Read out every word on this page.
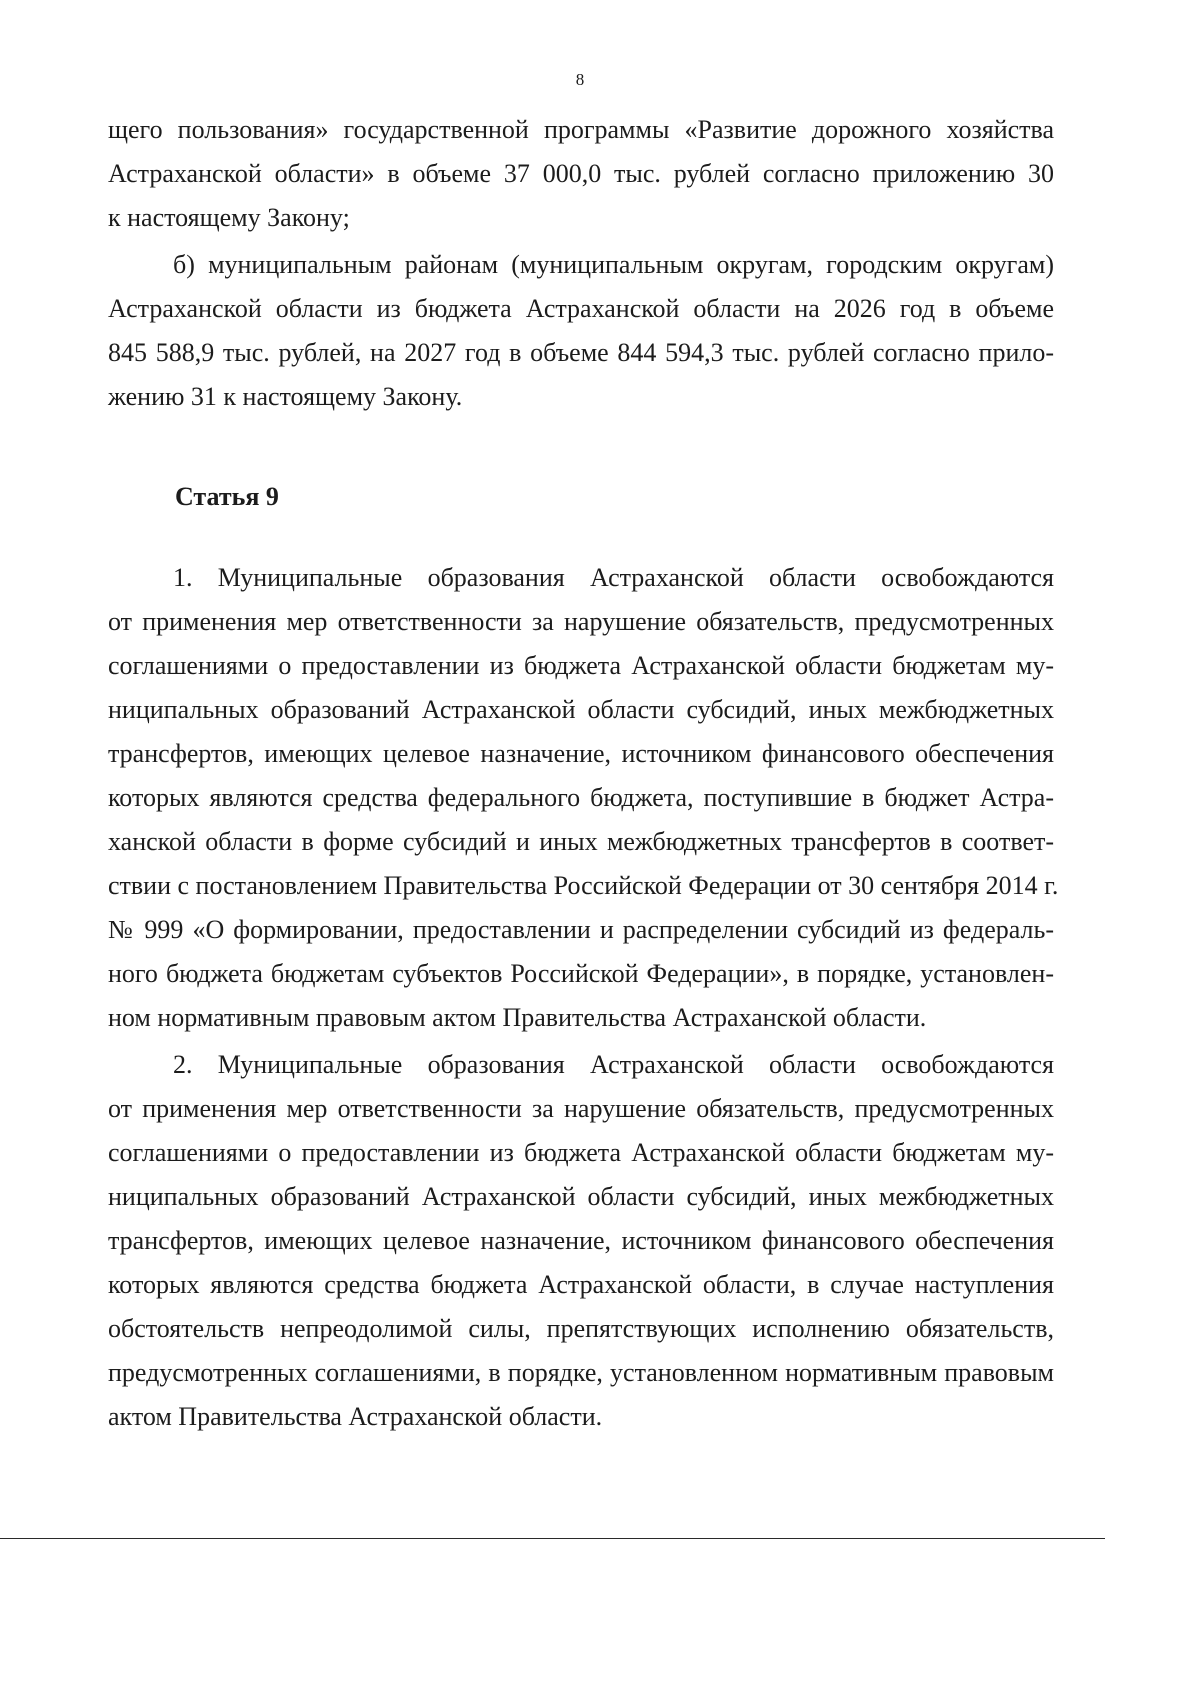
8
щего пользования» государственной программы «Развитие дорожного хозяйства
Астраханской области» в объеме 37 000,0 тыс. рублей согласно приложению 30
к настоящему Закону;
б) муниципальным районам (муниципальным округам, городским округам)
Астраханской области из бюджета Астраханской области на 2026 год в объеме
845 588,9 тыс. рублей, на 2027 год в объеме 844 594,3 тыс. рублей согласно прило-
жению 31 к настоящему Закону.
Статья 9
1. Муниципальные образования Астраханской области освобождаются
от применения мер ответственности за нарушение обязательств, предусмотренных
соглашениями о предоставлении из бюджета Астраханской области бюджетам му-
ниципальных образований Астраханской области субсидий, иных межбюджетных
трансфертов, имеющих целевое назначение, источником финансового обеспечения
которых являются средства федерального бюджета, поступившие в бюджет Астра-
ханской области в форме субсидий и иных межбюджетных трансфертов в соответ-
ствии с постановлением Правительства Российской Федерации от 30 сентября 2014 г.
№ 999 «О формировании, предоставлении и распределении субсидий из федераль-
ного бюджета бюджетам субъектов Российской Федерации», в порядке, установлен-
ном нормативным правовым актом Правительства Астраханской области.
2. Муниципальные образования Астраханской области освобождаются
от применения мер ответственности за нарушение обязательств, предусмотренных
соглашениями о предоставлении из бюджета Астраханской области бюджетам му-
ниципальных образований Астраханской области субсидий, иных межбюджетных
трансфертов, имеющих целевое назначение, источником финансового обеспечения
которых являются средства бюджета Астраханской области, в случае наступления
обстоятельств непреодолимой силы, препятствующих исполнению обязательств,
предусмотренных соглашениями, в порядке, установленном нормативным правовым
актом Правительства Астраханской области.
